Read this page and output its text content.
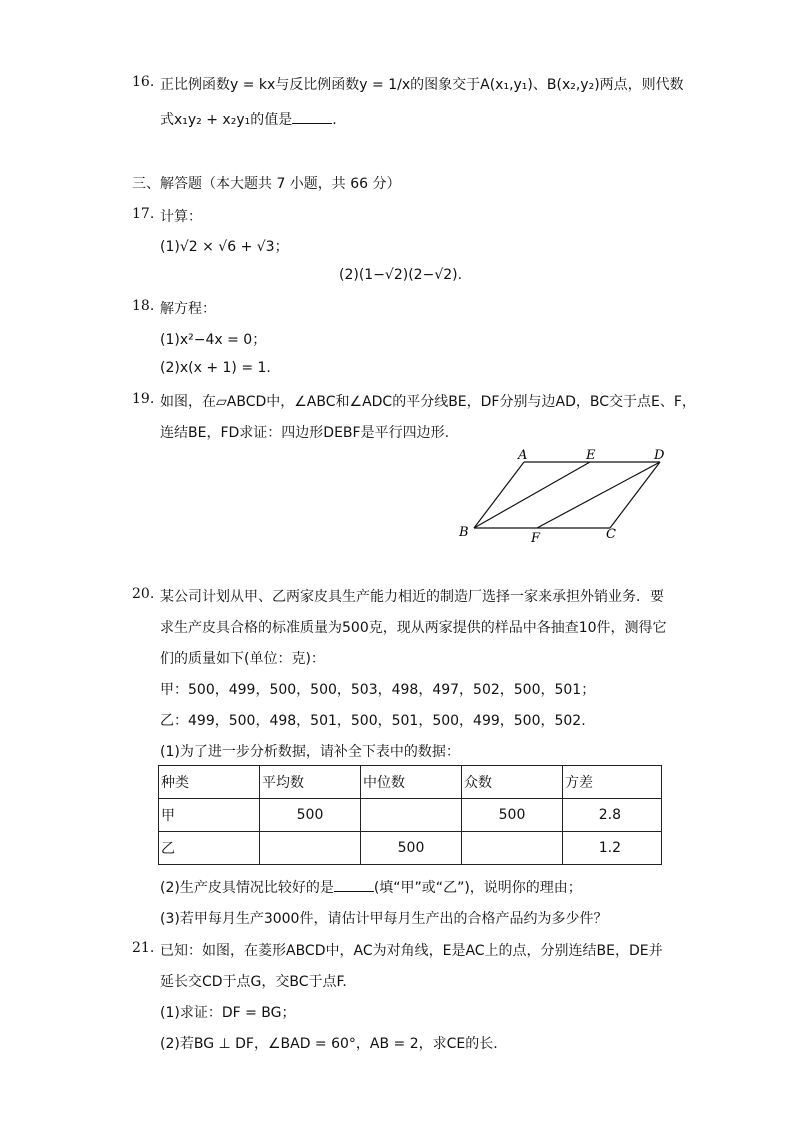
16. 正比例函数y = kx与反比例函数y = 1/x的图象交于A(x₁,y₁)、B(x₂,y₂)两点，则代数
式x₁y₂ + x₂y₁的值是	.
三、解答题（本大题共 7 小题，共 66 分）
17. 计算：
(1)√2 × √6 + √3；
(2)(1−√2)(2−√2).
18. 解方程：
(1)x²−4x = 0；
(2)x(x + 1) = 1.
19. 如图，在▱ABCD中，∠ABC和∠ADC的平分线BE，DF分别与边AD，BC交于点E、F，
连结BE，FD求证：四边形DEBF是平行四边形.
A	E	D
B	F	C
20. 某公司计划从甲、乙两家皮具生产能力相近的制造厂选择一家来承担外销业务．要
求生产皮具合格的标准质量为500克，现从两家提供的样品中各抽查10件，测得它
们的质量如下(单位：克)：
甲：500，499，500，500，503，498，497，502，500，501；
乙：499，500，498，501，500，501，500，499，500，502.
(1)为了进一步分析数据，请补全下表中的数据：
种类	平均数	中位数	众数	方差
甲	500		500	2.8
乙		500		1.2
(2)生产皮具情况比较好的是	(填“甲”或“乙”)，说明你的理由；
(3)若甲每月生产3000件，请估计甲每月生产出的合格产品约为多少件？
21. 已知：如图，在菱形ABCD中，AC为对角线，E是AC上的点，分别连结BE，DE并
延长交CD于点G，交BC于点F.
(1)求证：DF = BG；
(2)若BG ⊥ DF，∠BAD = 60°，AB = 2，求CE的长.
